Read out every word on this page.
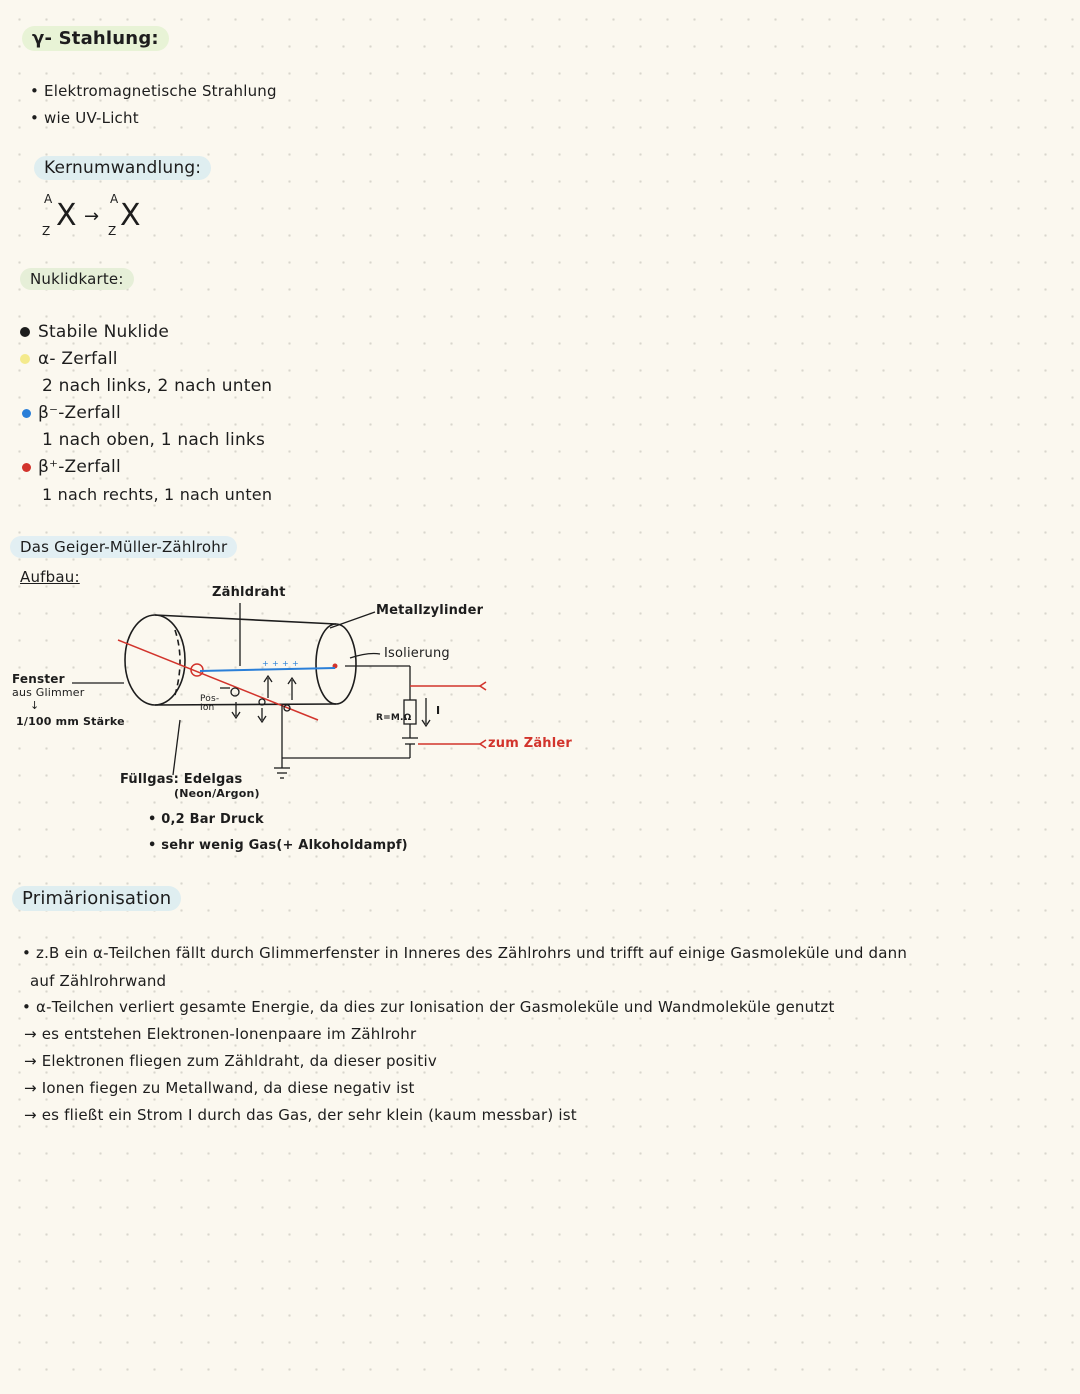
γ- Stahlung:
• Elektromagnetische Strahlung
• wie UV-Licht
Kernumwandlung:
A
Z X →
A
Z X
Nuklidkarte:
Stabile Nuklide
α- Zerfall
2 nach links, 2 nach unten
β⁻-Zerfall
1 nach oben, 1 nach links
β⁺-Zerfall
1 nach rechts, 1 nach unten
Das Geiger-Müller-Zählrohr
Aufbau:
+ + + +
Zähldraht
Metallzylinder
Isolierung
Fenster
aus Glimmer
↓
1/100 mm Stärke
Pos-
Ion
R=M.Ω
I
zum Zähler
Füllgas: Edelgas
(Neon/Argon)
• 0,2 Bar Druck
• sehr wenig Gas(+ Alkoholdampf)
Primärionisation
• z.B ein α-Teilchen fällt durch Glimmerfenster in Inneres des Zählrohrs und trifft auf einige Gasmoleküle und dann
auf Zählrohrwand
• α-Teilchen verliert gesamte Energie, da dies zur Ionisation der Gasmoleküle und Wandmoleküle genutzt
→ es entstehen Elektronen-Ionenpaare im Zählrohr
→ Elektronen fliegen zum Zähldraht, da dieser positiv
→ Ionen fiegen zu Metallwand, da diese negativ ist
→ es fließt ein Strom I durch das Gas, der sehr klein (kaum messbar) ist
